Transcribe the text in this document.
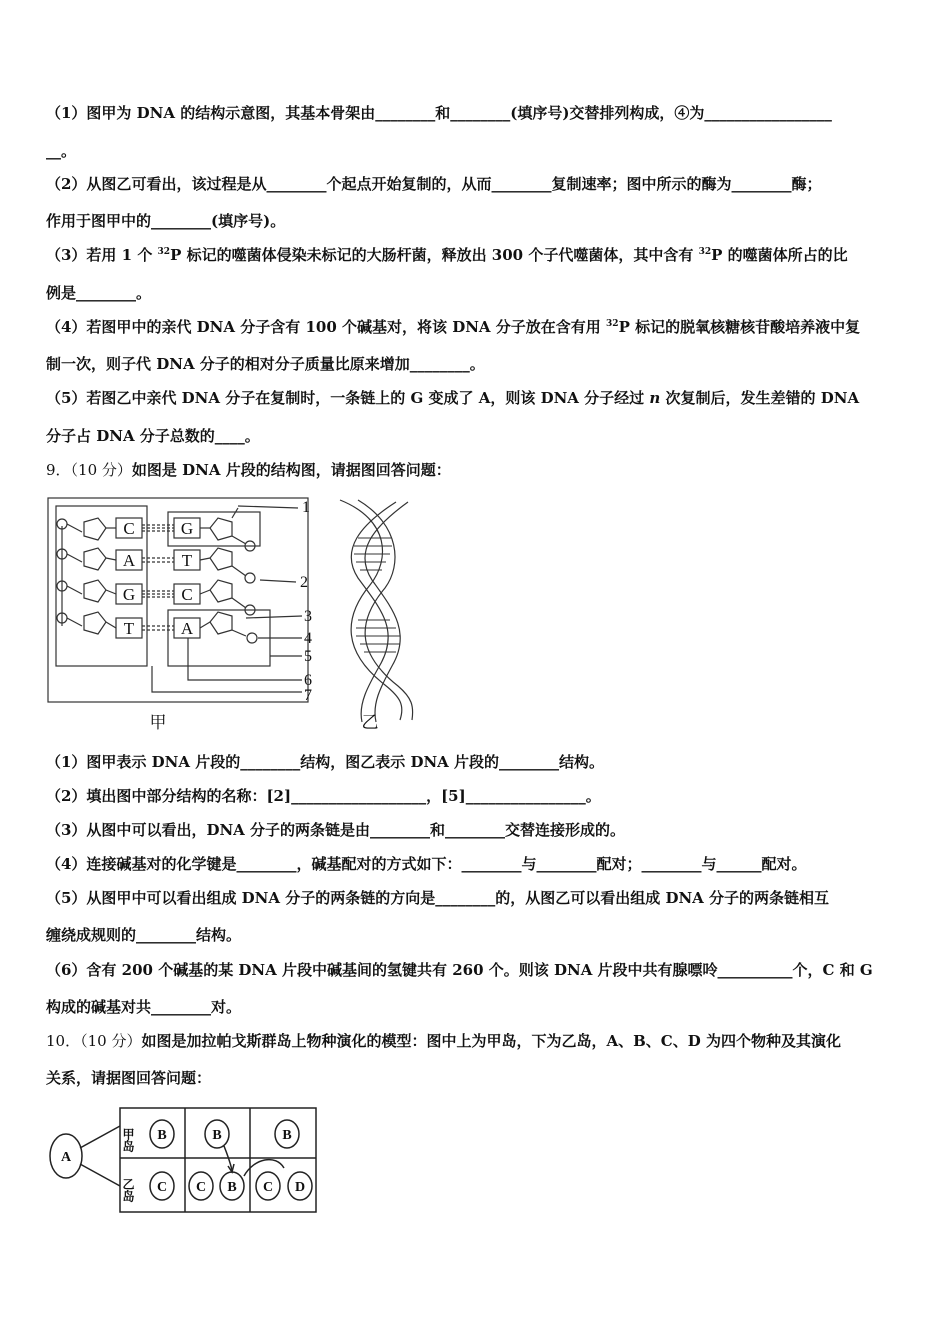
（1）图甲为 DNA 的结构示意图，其基本骨架由________和________(填序号)交替排列构成，④为_________________
__。
（2）从图乙可看出，该过程是从________个起点开始复制的，从而________复制速率；图中所示的酶为________酶；
作用于图甲中的________(填序号)。
（3）若用 1 个 $^{32}$P 标记的噬菌体侵染未标记的大肠杆菌，释放出 300 个子代噬菌体，其中含有 $^{32}$P 的噬菌体所占的比
例是________。
（4）若图甲中的亲代 DNA 分子含有 100 个碱基对，将该 DNA 分子放在含有用 $^{32}$P 标记的脱氧核糖核苷酸培养液中复
制一次，则子代 DNA 分子的相对分子质量比原来增加________。
（5）若图乙中亲代 DNA 分子在复制时，一条链上的 G 变成了 A，则该 DNA 分子经过 n 次复制后，发生差错的 DNA
分子占 DNA 分子总数的____。
9．（10 分）如图是 DNA 片段的结构图，请据图回答问题：
C
A
G
T
G
T
C
A
1
2
3
4
5
6
7
甲	乙
（1）图甲表示 DNA 片段的________结构，图乙表示 DNA 片段的________结构。
（2）填出图中部分结构的名称：[2]__________________，[5]________________。
（3）从图中可以看出，DNA 分子的两条链是由________和________交替连接形成的。
（4）连接碱基对的化学键是________，碱基配对的方式如下：________与________配对；________与______配对。
（5）从图甲中可以看出组成 DNA 分子的两条链的方向是________的，从图乙可以看出组成 DNA 分子的两条链相互
缠绕成规则的________结构。
（6）含有 200 个碱基的某 DNA 片段中碱基间的氢键共有 260 个。则该 DNA 片段中共有腺嘌呤__________个，C 和 G
构成的碱基对共________对。
10．（10 分）如图是加拉帕戈斯群岛上物种演化的模型：图中上为甲岛，下为乙岛，A、B、C、D 为四个物种及其演化
关系，请据图回答问题：
A
B	B	B
C C B C D
甲岛
乙岛
